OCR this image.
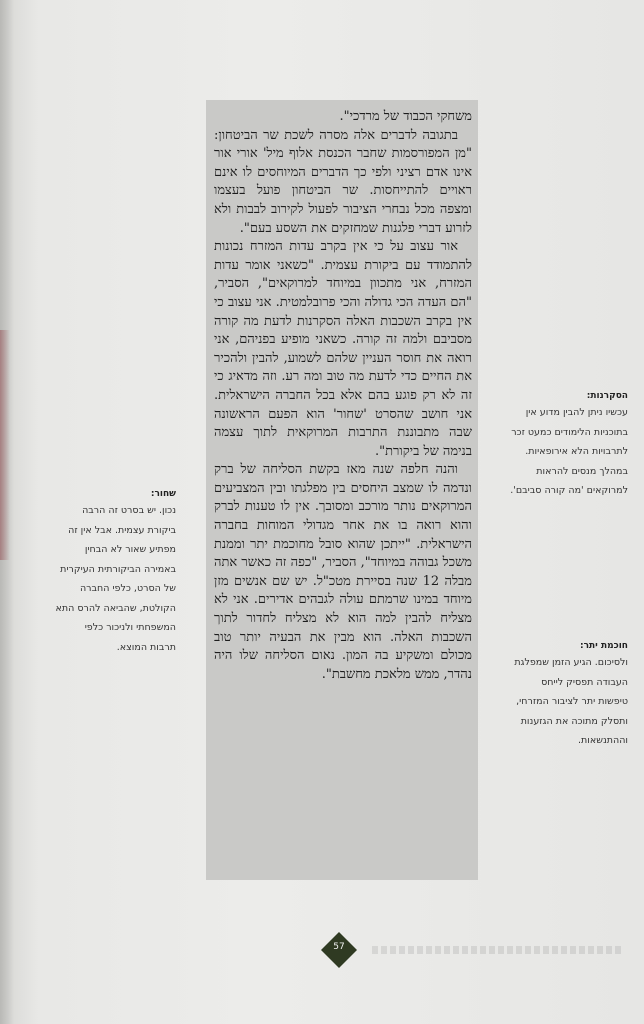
משחקי הכבוד של מרדכי".

בתגובה לדברים אלה מסרה לשכת שר הביטחון: "מן המפורסמות שחבר הכנסת אלוף מיל' אורי אור אינו אדם רציני ולפי כך הדברים המיוחסים לו אינם ראויים להתייחסות. שר הביטחון פועל בעצמו ומצפה מכל נבחרי הציבור לפעול לקירוב לבבות ולא לזרוע דברי פלגנות שמחזקים את השסע בעם".

אור עצוב על כי אין בקרב עדות המזרח נכונות להתמודד עם ביקורת עצמית. "כשאני אומר עדות המזרח, אני מתכוון במיוחד למרוקאים", הסביר, "הם העדה הכי גדולה והכי פרובלמטית. אני עצוב כי אין בקרב השכבות האלה הסקרנות לדעת מה קורה מסביבם ולמה זה קורה. כשאני מופיע בפניהם, אני רואה את חוסר העניין שלהם לשמוע, להבין ולהכיר את החיים כדי לדעת מה טוב ומה רע. וזה מדאיג כי זה לא רק פוגע בהם אלא בכל החברה הישראלית. אני חושב שהסרט 'שחור' הוא הפעם הראשונה שבה מתבוננת התרבות המרוקאית לתוך עצמה בנימה של ביקורת".

והנה חלפה שנה מאז בקשת הסליחה של ברק ונדמה לו שמצב היחסים בין מפלגתו ובין המצביעים המרוקאים נותר מורכב ומסובך. אין לו טענות לברק והוא רואה בו את אחר מגדולי המוחות בחברה הישראלית. "ייתכן שהוא סובל מחוכמת יתר וממנת משכל גבוהה במיוחד", הסביר, "כפה זה כאשר אתה מבלה 12 שנה בסיירת מטכ"ל. יש שם אנשים מזן מיוחד במינו שרמתם עולה לגבהים אדירים. אני לא מצליח להבין למה הוא לא מצליח לחדור לתוך השכבות האלה. הוא מבין את הבעיה יותר טוב מכולם ומשקיע בה המון. נאום הסליחה שלו היה נהדר, ממש מלאכת מחשבת".

הסקרנות:
עכשיו ניתן להבין מדוע אין
בתוכניות הלימודים כמעט זכר
לתרבויות הלא אירופאיות.
במהלך מנסים להראות
למרוקאים 'מה קורה סביבם'.
שחור:
נכון. יש בסרט זה הרבה
ביקורת עצמית. אבל אין זה
מפתיע שאור לא הבחין
באמירה הביקורתית העיקרית
של הסרט, כלפי החברה
הקולטת, שהביאה להרס התא
המשפחתי ולניכור כלפי
תרבות המוצא.	חוכמת יתר:
ולסיכום. הגיע הזמן שמפלגת
העבודה תפסיק לייחס
טיפשות יתר לציבור המזרחי,
ותסלק מתוכה את הגזענות
וההתנשאות.
57
